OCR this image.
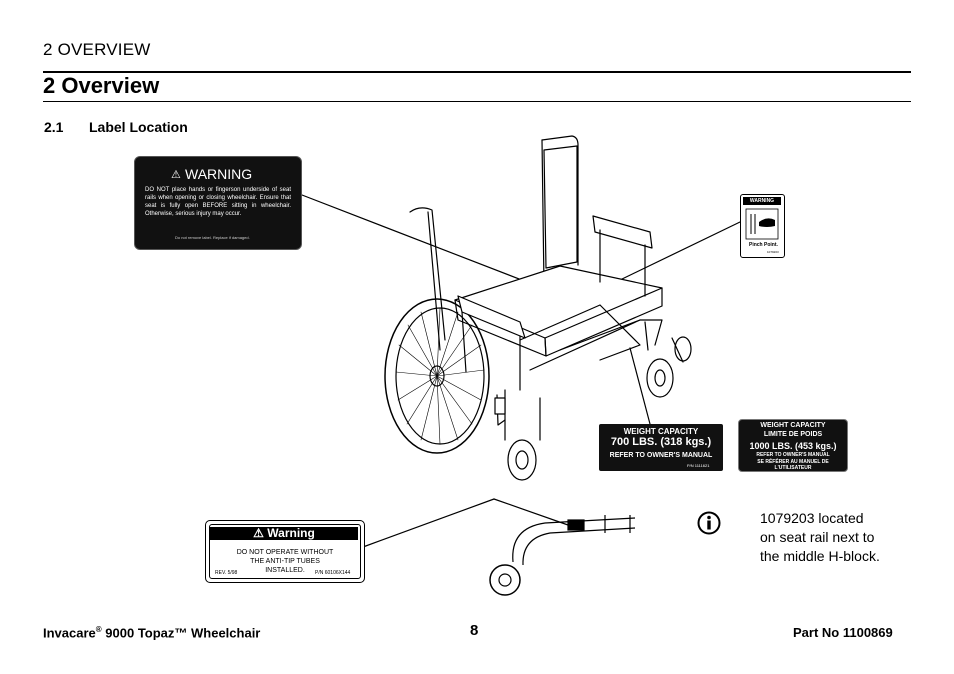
2 OVERVIEW
2 Overview
2.1 Label Location
⚠ WARNING
DO NOT place hands or fingerson underside of seat rails when opening or closing wheelchair. Ensure that seat is fully open BEFORE sitting in wheelchair. Otherwise, serious injury may occur.
Do not remove label. Replace if damaged.
WARNING
Pinch Point.
1079203
WEIGHT CAPACITY
700 LBS. (318 kgs.)
REFER TO OWNER'S MANUAL
P/N 1111621
WEIGHT CAPACITY
LIMITE DE POIDS
1000 LBS. (453 kgs.)
REFER TO OWNER'S MANUAL
SE RÉFÉRER AU MANUEL DE L'UTILISATEUR
⚠ Warning
DO NOT OPERATE WITHOUT
THE ANTI-TIP TUBES
INSTALLED.
REV. 5/98	P/N 60106X144
1079203 located on seat rail next to the middle H-block.
Invacare® 9000 Topaz™ Wheelchair	8	Part No 1100869
